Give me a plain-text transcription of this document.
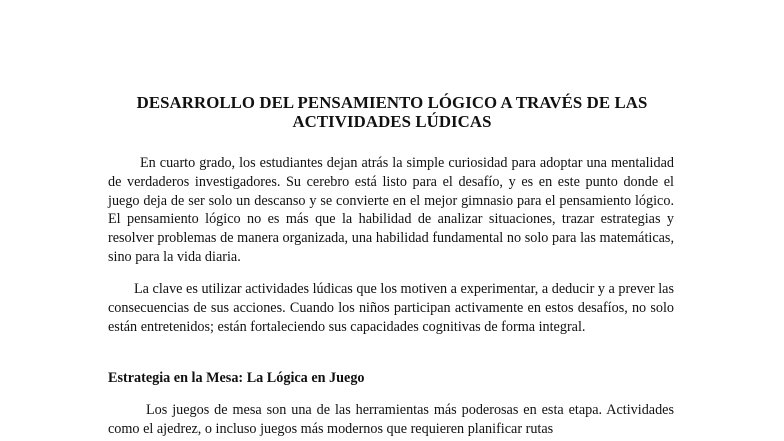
DESARROLLO DEL PENSAMIENTO LÓGICO A TRAVÉS DE LAS ACTIVIDADES LÚDICAS

En cuarto grado, los estudiantes dejan atrás la simple curiosidad para adoptar una mentalidad de verdaderos investigadores. Su cerebro está listo para el desafío, y es en este punto donde el juego deja de ser solo un descanso y se convierte en el mejor gimnasio para el pensamiento lógico. El pensamiento lógico no es más que la habilidad de analizar situaciones, trazar estrategias y resolver problemas de manera organizada, una habilidad fundamental no solo para las matemáticas, sino para la vida diaria.

La clave es utilizar actividades lúdicas que los motiven a experimentar, a deducir y a prever las consecuencias de sus acciones. Cuando los niños participan activamente en estos desafíos, no solo están entretenidos; están fortaleciendo sus capacidades cognitivas de forma integral.

Estrategia en la Mesa: La Lógica en Juego

Los juegos de mesa son una de las herramientas más poderosas en esta etapa. Actividades como el ajedrez, o incluso juegos más modernos que requieren planificar rutas
